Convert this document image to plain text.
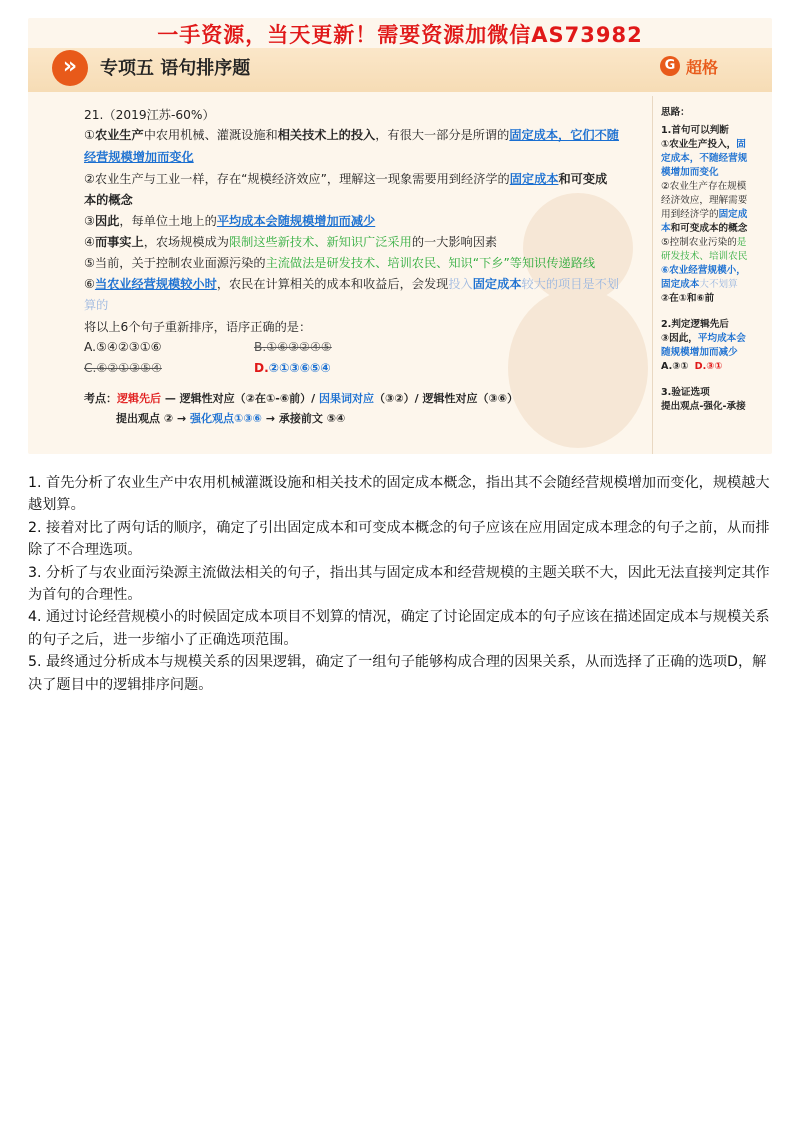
一手资源，当天更新！需要资源加微信AS73982
»	专项五 语句排序题	G 超格
21.（2019江苏-60%）
①农业生产中农用机械、灌溉设施和相关技术上的投入，有很大一部分是所谓的固定成本，它们不随
经营规模增加而变化
②农业生产与工业一样，存在“规模经济效应”，理解这一现象需要用到经济学的固定成本和可变成
本的概念
③因此，每单位土地上的平均成本会随规模增加而减少
④而事实上，农场规模成为限制这些新技术、新知识广泛采用的一大影响因素
⑤当前，关于控制农业面源污染的主流做法是研发技术、培训农民、知识“下乡”等知识传递路线
⑥当农业经营规模较小时，农民在计算相关的成本和收益后，会发现投入固定成本较大的项目是不划
算的
将以上6个句子重新排序，语序正确的是：
A.⑤④②③①⑥	B.①⑥③②④⑤
C.⑥②①③⑤④	D.②①③⑥⑤④
考点：逻辑先后 — 逻辑性对应（②在①-⑥前）/ 因果词对应（③②）/ 逻辑性对应（③⑥）
提出观点 ② → 强化观点①③⑥ → 承接前文 ⑤④
思路：
1.首句可以判断
①农业生产投入，固
定成本，不随经营规
模增加而变化
②农业生产存在规模
经济效应，理解需要
用到经济学的固定成
本和可变成本的概念
⑤控制农业污染的是
研发技术、培训农民
⑥农业经营规模小，
固定成本大不划算
②在①和⑥前
2.判定逻辑先后
③因此，平均成本会
随规模增加而减少
A.③① D.③①
3.验证选项
提出观点-强化-承接

1. 首先分析了农业生产中农用机械灌溉设施和相关技术的固定成本概念，指出其不会随经营规模增加而变化，规模越大越划算。

2. 接着对比了两句话的顺序，确定了引出固定成本和可变成本概念的句子应该在应用固定成本理念的句子之前，从而排除了不合理选项。

3. 分析了与农业面污染源主流做法相关的句子，指出其与固定成本和经营规模的主题关联不大，因此无法直接判定其作为首句的合理性。

4. 通过讨论经营规模小的时候固定成本项目不划算的情况，确定了讨论固定成本的句子应该在描述固定成本与规模关系的句子之后，进一步缩小了正确选项范围。

5. 最终通过分析成本与规模关系的因果逻辑，确定了一组句子能够构成合理的因果关系，从而选择了正确的选项D，解决了题目中的逻辑排序问题。
